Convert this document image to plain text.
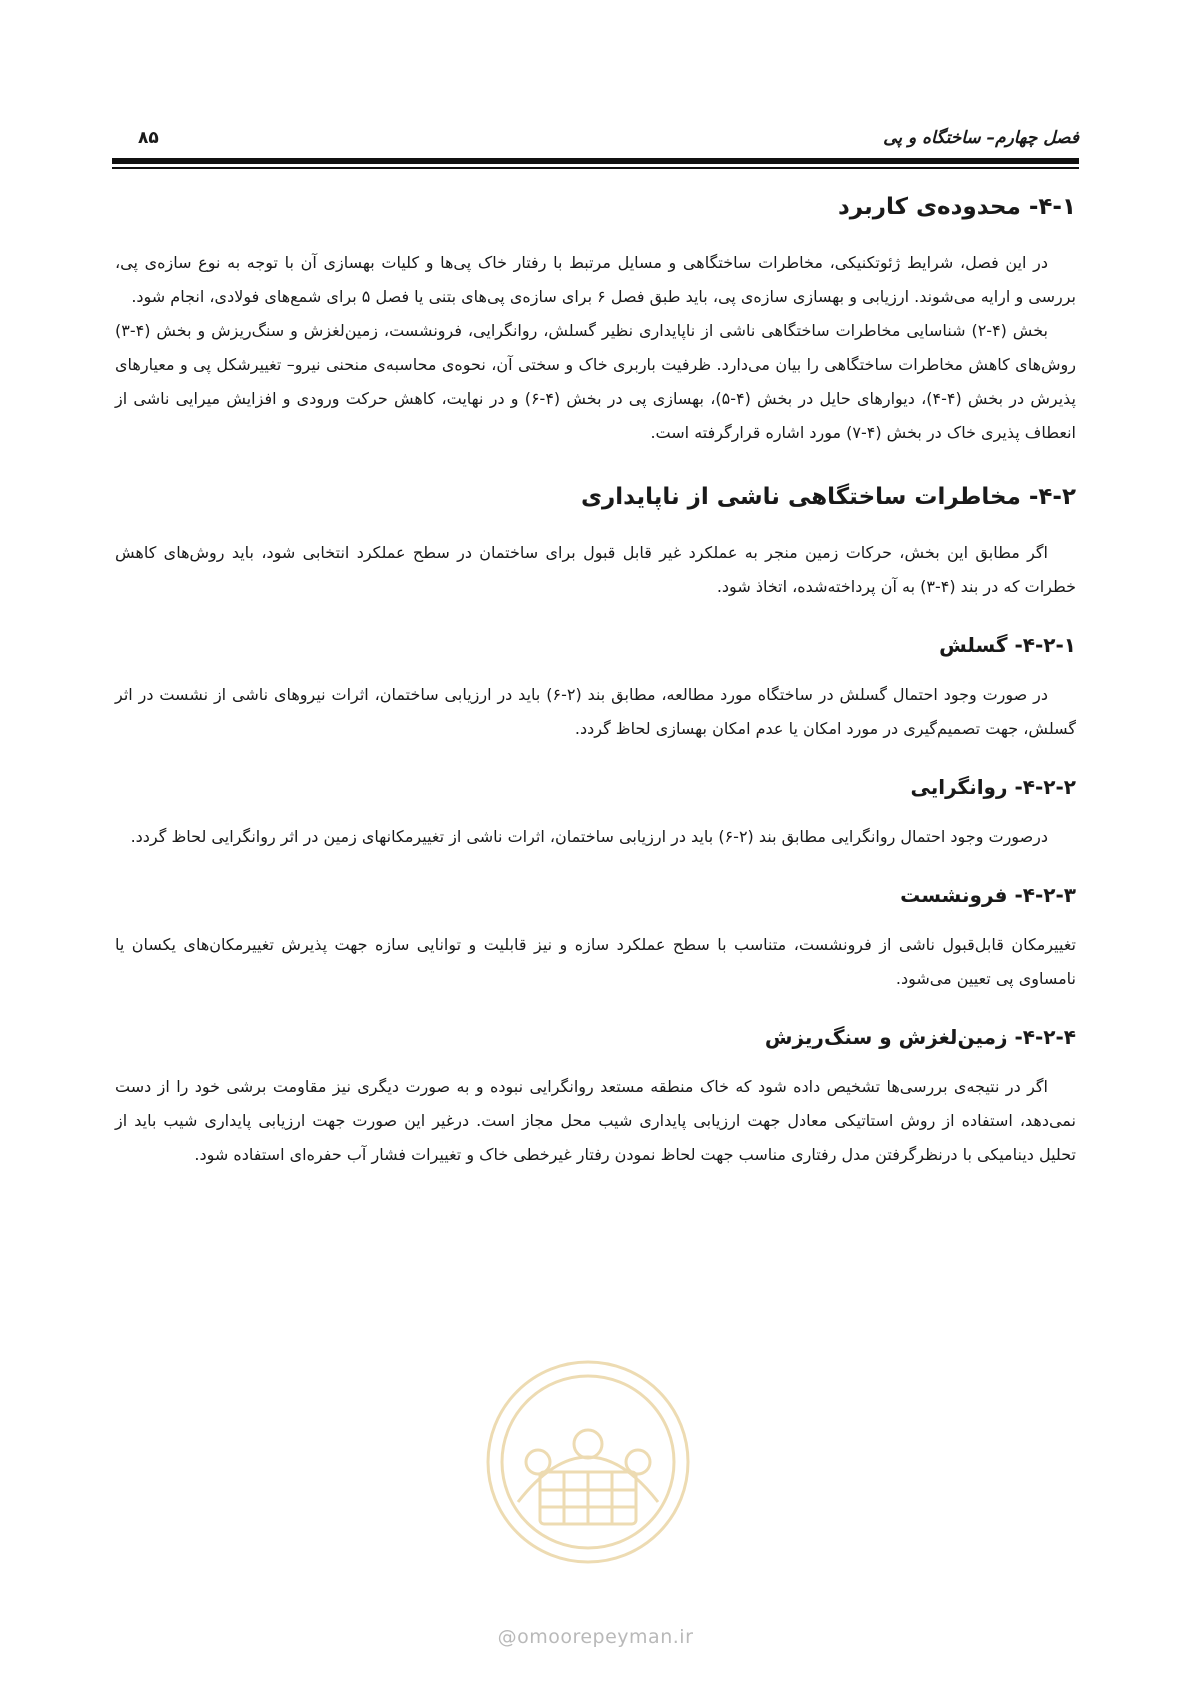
فصل چهارم– ساختگاه و پی
۸۵
۴-۱- محدوده‌ی کاربرد

در این فصل، شرایط ژئوتکنیکی، مخاطرات ساختگاهی و مسایل مرتبط با رفتار خاک پی‌ها و کلیات بهسازی آن با توجه به نوع سازه‌ی پی، بررسی و ارایه می‌شوند. ارزیابی و بهسازی سازه‌ی پی، باید طبق فصل ۶ برای سازه‌ی پی‌های بتنی یا فصل ۵ برای شمع‌های فولادی، انجام شود.

بخش (۴-۲) شناسایی مخاطرات ساختگاهی ناشی از ناپایداری نظیر گسلش، روانگرایی، فرونشست، زمین‌لغزش و سنگ‌ریزش و بخش (۴-۳) روش‌های کاهش مخاطرات ساختگاهی را بیان می‌دارد. ظرفیت باربری خاک و سختی آن، نحوه‌ی محاسبه‌ی منحنی نیرو– تغییرشکل پی و معیارهای پذیرش در بخش (۴-۴)، دیوارهای حایل در بخش (۴-۵)، بهسازی پی در بخش (۴-۶) و در نهایت، کاهش حرکت ورودی و افزایش میرایی ناشی از انعطاف پذیری خاک در بخش (۴-۷) مورد اشاره قرارگرفته است.

۴-۲- مخاطرات ساختگاهی ناشی از ناپایداری

اگر مطابق این بخش، حرکات زمین منجر به عملکرد غیر قابل قبول برای ساختمان در سطح عملکرد انتخابی شود، باید روش‌های کاهش خطرات که در بند (۴-۳) به آن پرداخته‌شده، اتخاذ شود.

۴-۲-۱- گسلش

در صورت وجود احتمال گسلش در ساختگاه مورد مطالعه، مطابق بند (۲-۶) باید در ارزیابی ساختمان، اثرات نیروهای ناشی از نشست در اثر گسلش، جهت تصمیم‌گیری در مورد امکان یا عدم امکان بهسازی لحاظ گردد.

۴-۲-۲- روانگرایی

درصورت وجود احتمال روانگرایی مطابق بند (۲-۶) باید در ارزیابی ساختمان، اثرات ناشی از تغییرمکانهای زمین در اثر روانگرایی لحاظ گردد.

۴-۲-۳- فرونشست

تغییرمکان قابل‌قبول ناشی از فرونشست، متناسب با سطح عملکرد سازه و نیز قابلیت و توانایی سازه جهت پذیرش تغییرمکان‌های یکسان یا نامساوی پی تعیین می‌شود.

۴-۲-۴- زمین‌لغزش و سنگ‌ریزش

اگر در نتیجه‌ی بررسی‌ها تشخیص داده شود که خاک منطقه مستعد روانگرایی نبوده و به صورت دیگری نیز مقاومت برشی خود را از دست نمی‌دهد، استفاده از روش استاتیکی معادل جهت ارزیابی پایداری شیب محل مجاز است. درغیر این صورت جهت ارزیابی پایداری شیب باید از تحلیل دینامیکی با درنظرگرفتن مدل رفتاری مناسب جهت لحاظ نمودن رفتار غیرخطی خاک و تغییرات فشار آب حفره‌ای استفاده شود.

@omoorepeyman.ir
